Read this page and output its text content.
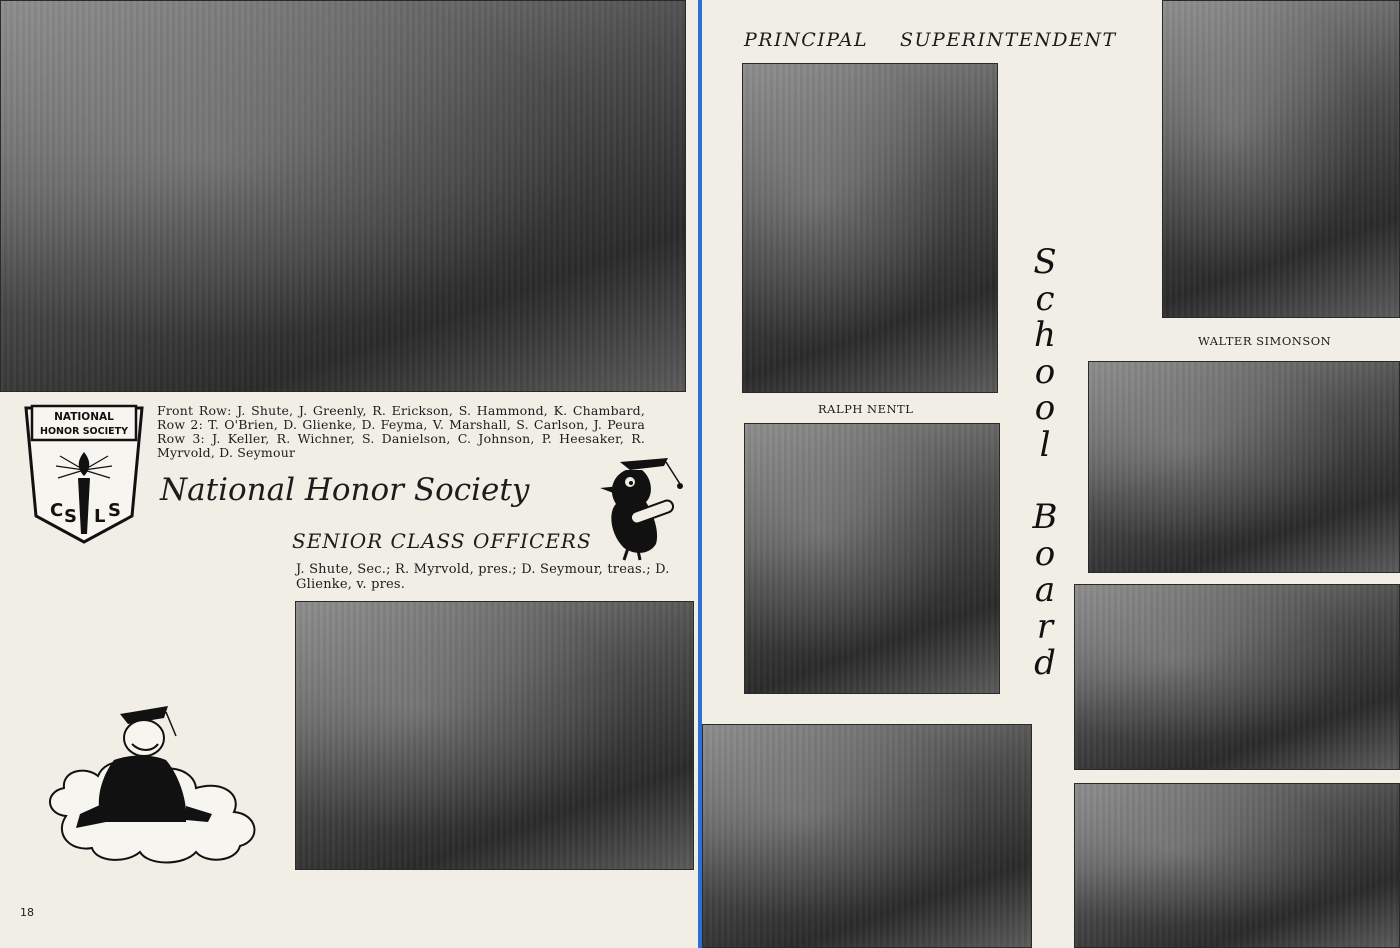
NATIONAL
HONOR SOCIETY
C S L S
Front Row: J. Shute, J. Greenly, R. Erickson, S. Hammond, K. Chambard, Row 2: T. O'Brien, D. Glienke, D. Feyma, V. Marshall, S. Carlson, J. Peura Row 3: J. Keller, R. Wichner, S. Danielson, C. Johnson, P. Heesaker, R. Myrvold, D. Seymour
National Honor Society
SENIOR CLASS OFFICERS
J. Shute, Sec.; R. Myrvold, pres.; D. Seymour, treas.; D. Glienke, v. pres.
18
PRINCIPAL SUPERINTENDENT
RALPH NENTL
WALTER SIMONSON
S
c
h
o
o
l
B
o
a
r
d
